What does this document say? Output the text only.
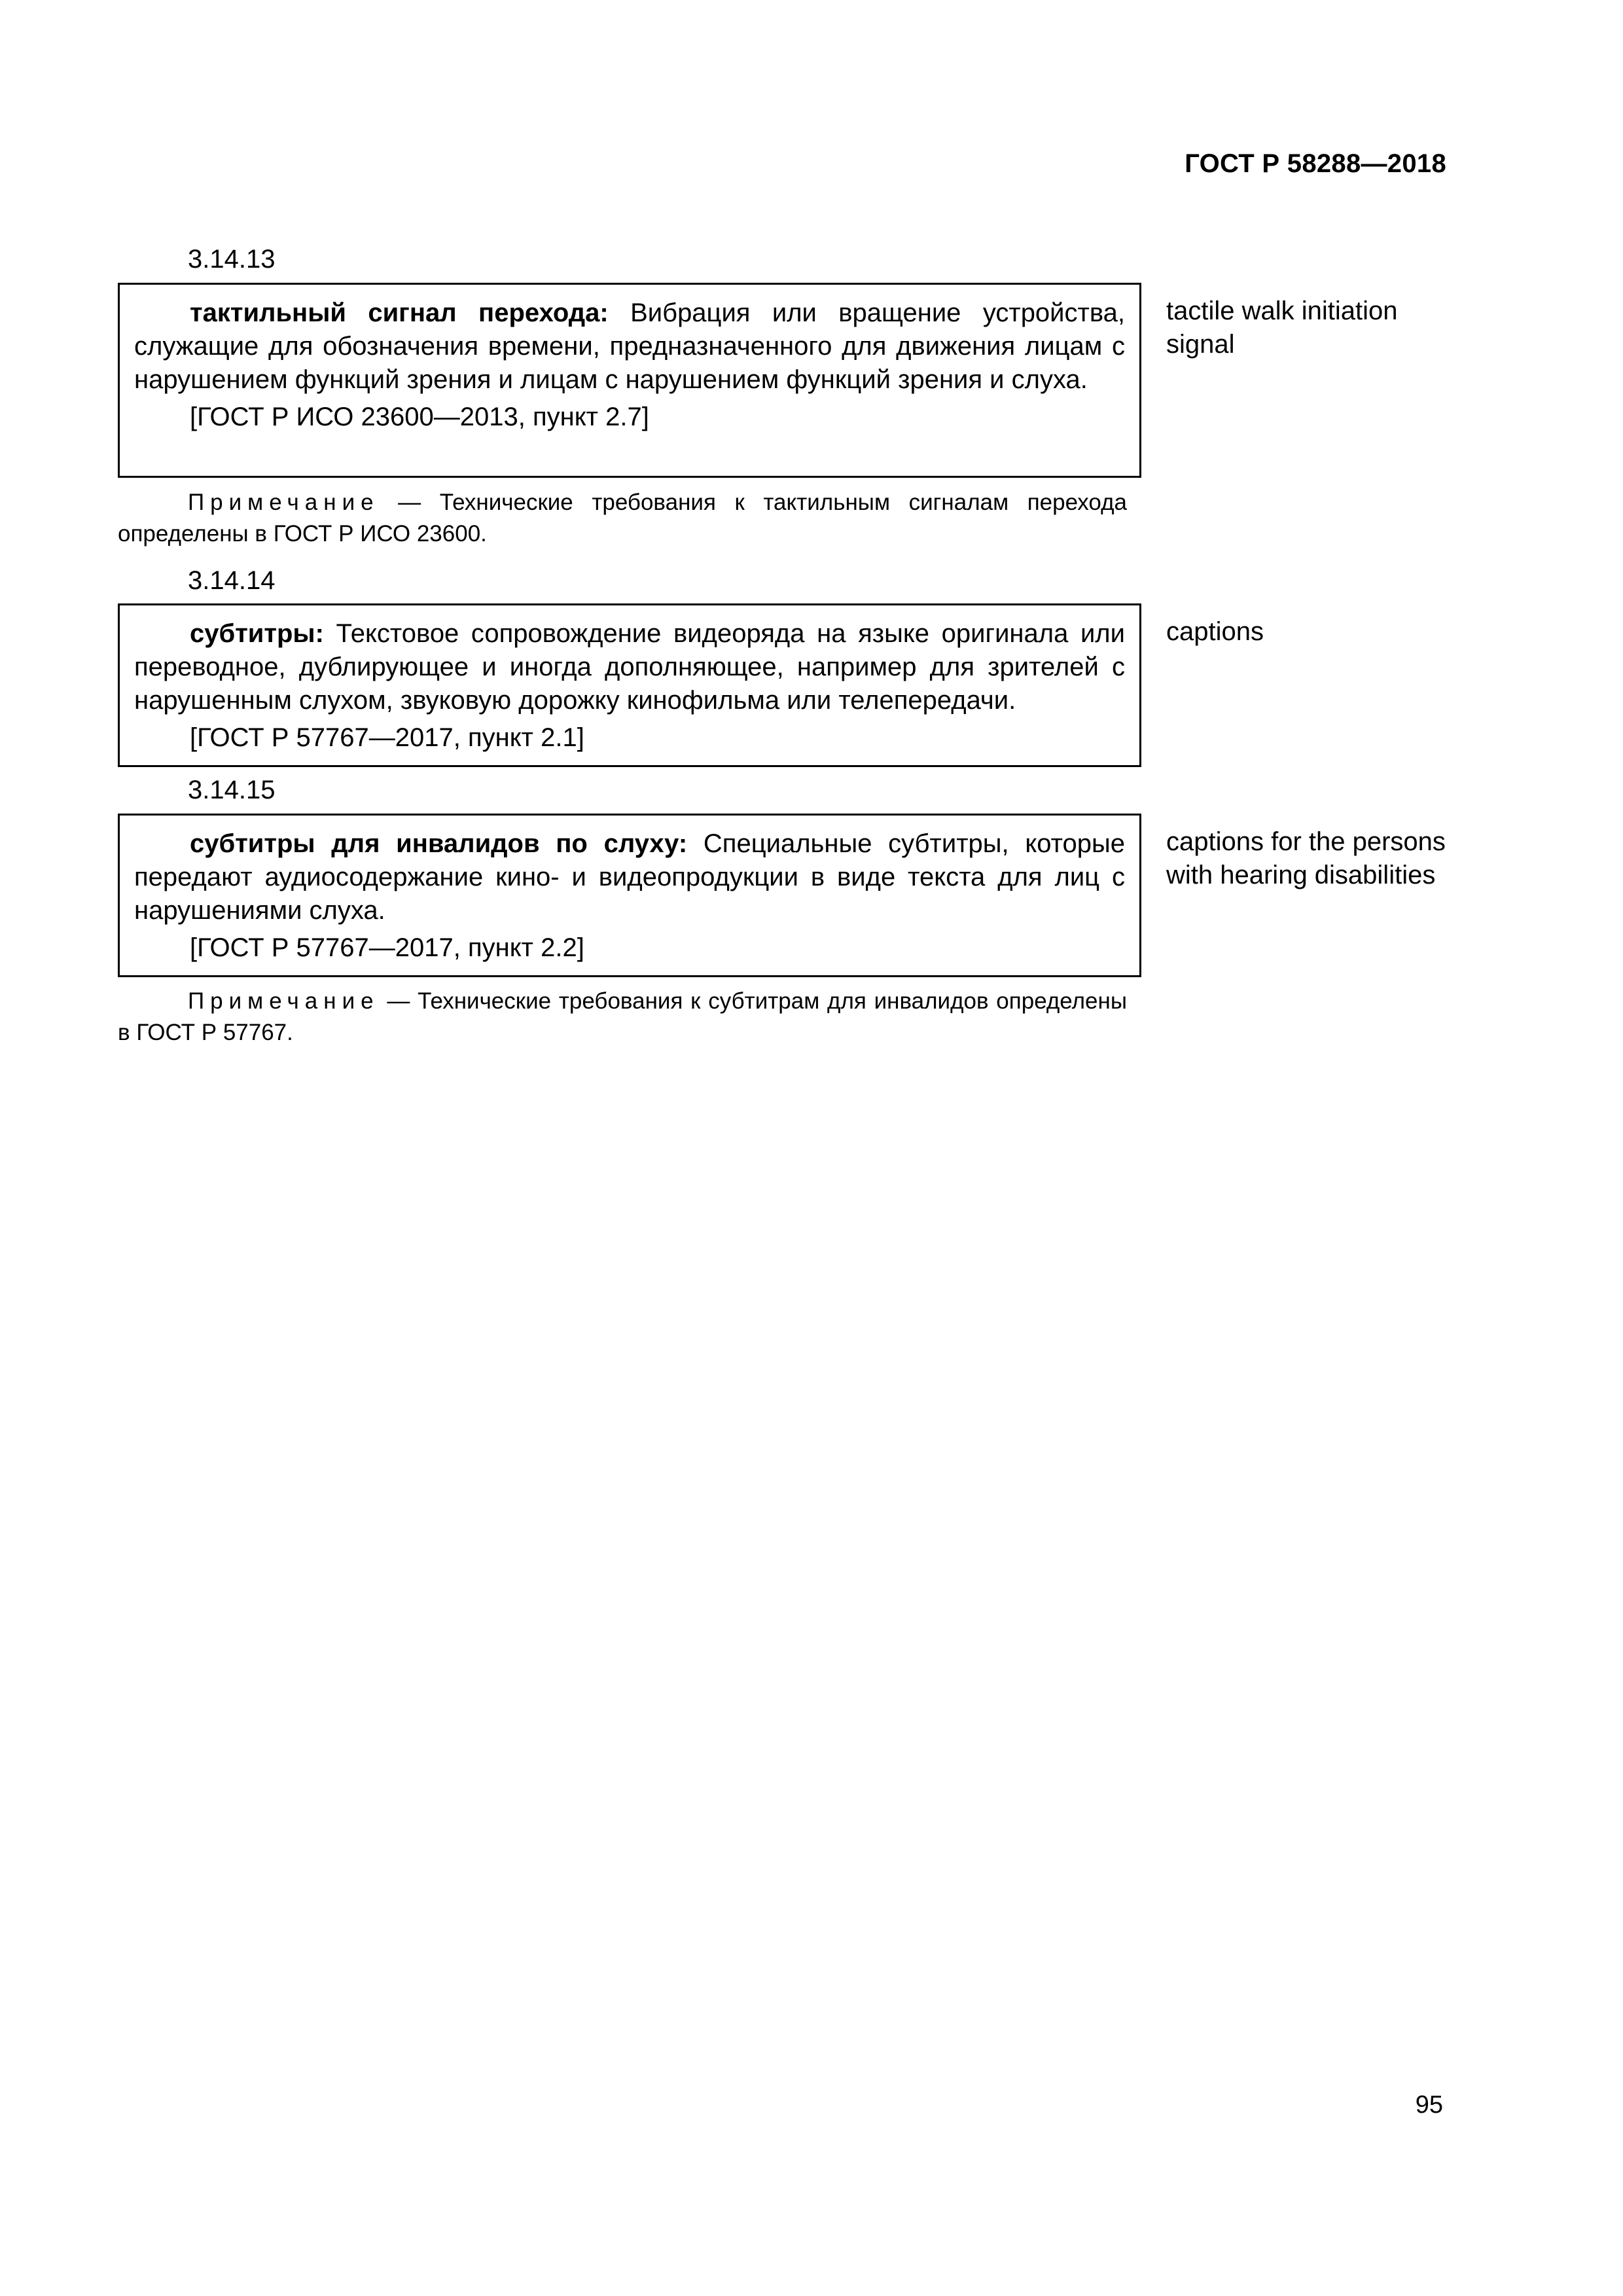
ГОСТ Р 58288—2018
3.14.13

тактильный сигнал перехода: Вибрация или вращение устройства, служащие для обозначения времени, предназначенного для движения лицам с нарушением функций зрения и лицам с нарушением функций зрения и слуха.

[ГОСТ Р ИСО 23600—2013, пункт 2.7]

tactile walk initiation signal
Примечание — Технические требования к тактильным сигналам перехода определены в ГОСТ Р ИСО 23600.
3.14.14

субтитры: Текстовое сопровождение видеоряда на языке оригинала или переводное, дублирующее и иногда дополняющее, например для зрителей с нарушенным слухом, звуковую дорожку кинофильма или телепередачи.

[ГОСТ Р 57767—2017, пункт 2.1]

captions
3.14.15

субтитры для инвалидов по слуху: Специальные субтитры, которые передают аудиосодержание кино- и видеопродукции в виде текста для лиц с нарушениями слуха.

[ГОСТ Р 57767—2017, пункт 2.2]

captions for the persons with hearing disabilities
Примечание — Технические требования к субтитрам для инвалидов определены в ГОСТ Р 57767.
95
